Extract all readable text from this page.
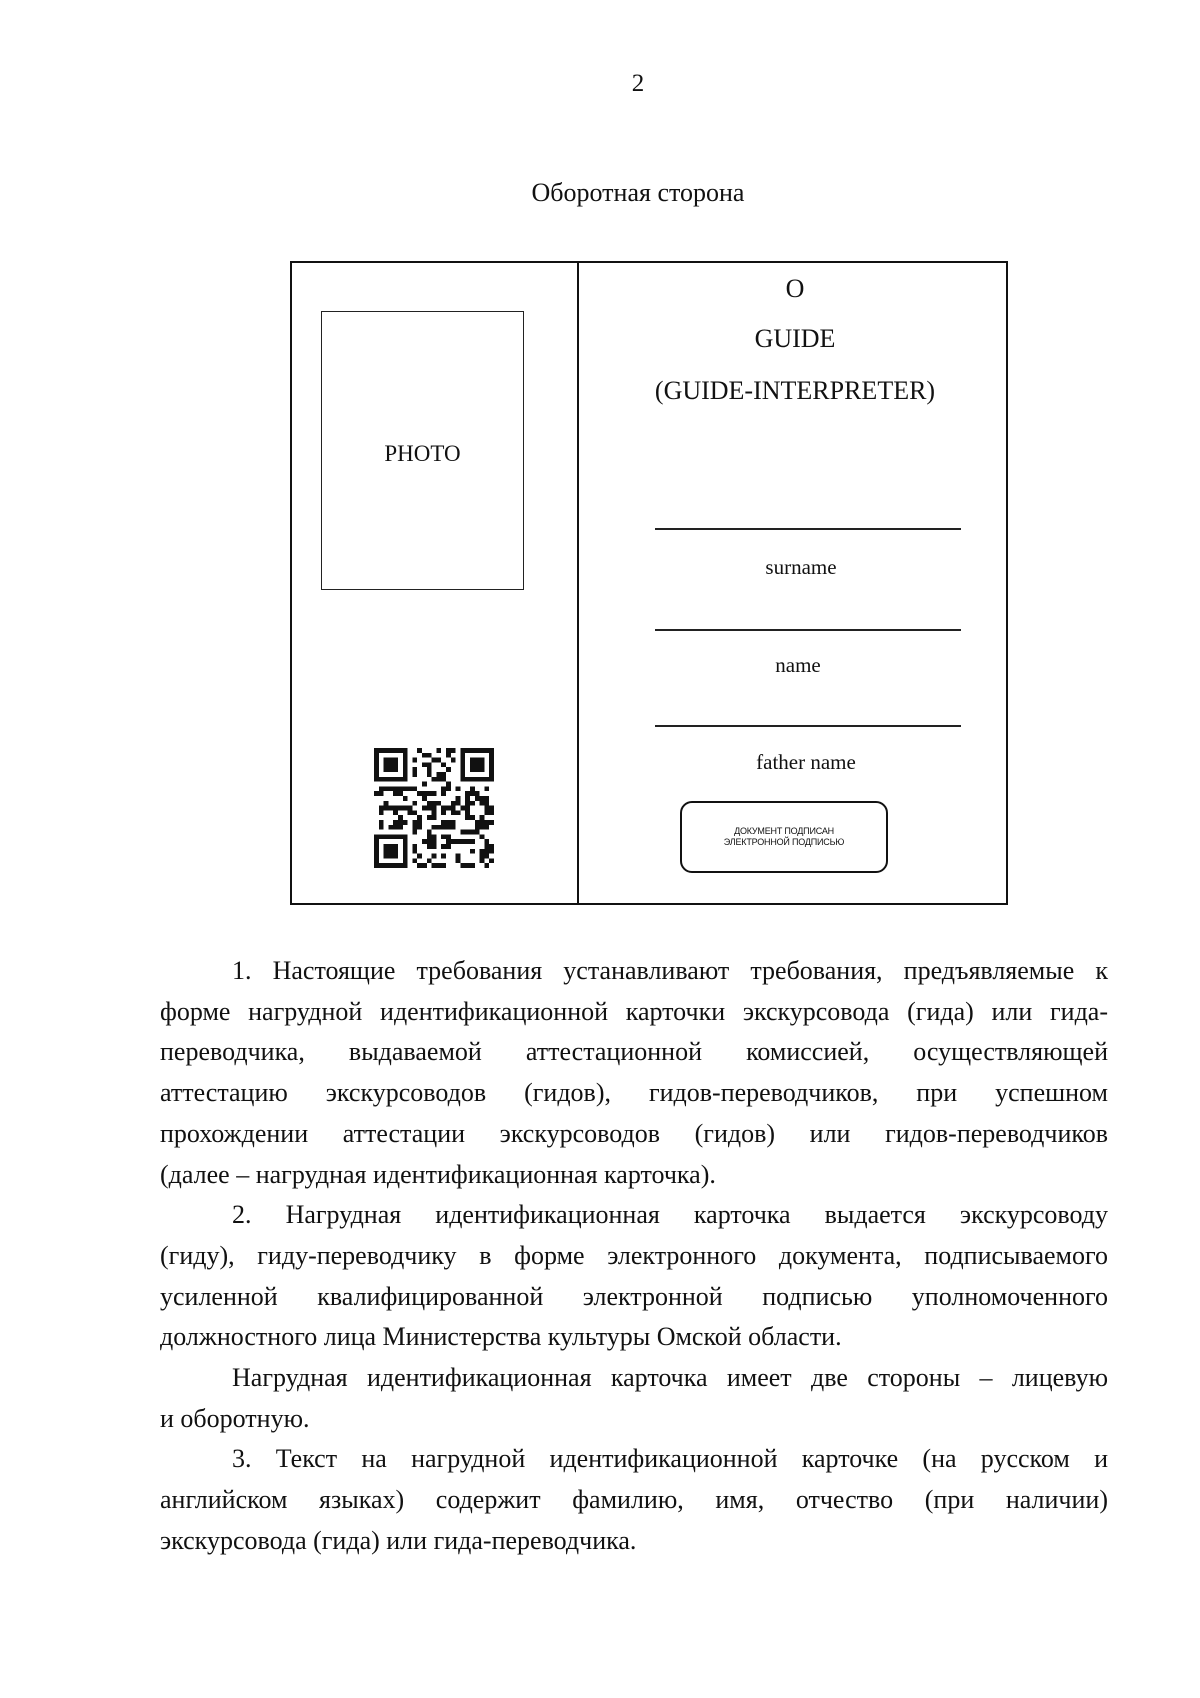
2
Оборотная сторона
PHOTO
O
GUIDE
(GUIDE-INTERPRETER)
surname
name
father name
ДОКУМЕНТ ПОДПИСАН
ЭЛЕКТРОННОЙ ПОДПИСЬЮ
1. Настоящие требования устанавливают требования, предъявляемые к
форме нагрудной идентификационной карточки экскурсовода (гида) или гида-
переводчика, выдаваемой аттестационной комиссией, осуществляющей
аттестацию экскурсоводов (гидов), гидов-переводчиков, при успешном
прохождении аттестации экскурсоводов (гидов) или гидов-переводчиков
(далее – нагрудная идентификационная карточка).
2. Нагрудная идентификационная карточка выдается экскурсоводу
(гиду), гиду-переводчику в форме электронного документа, подписываемого
усиленной квалифицированной электронной подписью уполномоченного
должностного лица Министерства культуры Омской области.
Нагрудная идентификационная карточка имеет две стороны – лицевую
и оборотную.
3. Текст на нагрудной идентификационной карточке (на русском и
английском языках) содержит фамилию, имя, отчество (при наличии)
экскурсовода (гида) или гида-переводчика.
